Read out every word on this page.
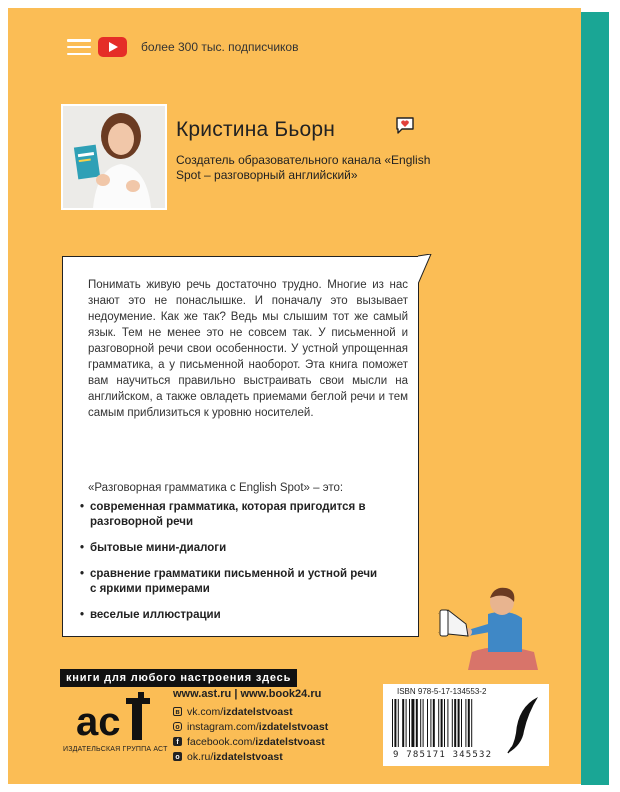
более 300 тыс. подписчиков
Кристина Бьорн
Создатель образовательного канала «English Spot – разговорный английский»
Понимать живую речь достаточно трудно. Многие из нас знают это не понаслышке. И поначалу это вызывает недоумение. Как же так? Ведь мы слышим тот же самый язык. Тем не менее это не совсем так. У письменной и разговорной речи свои особенности. У устной упрощенная грамматика, а у письменной наоборот. Эта книга поможет вам научиться правильно выстраивать свои мысли на английском, а также овладеть приемами беглой речи и тем самым приблизиться к уровню носителей.
«Разговорная грамматика с English Spot» – это:
• современная грамматика, которая пригодится в разговорной речи
• бытовые мини-диалоги
• сравнение грамматики письменной и устной речи с яркими примерами
• веселые иллюстрации
книги для любого настроения здесь
ac
ИЗДАТЕЛЬСКАЯ ГРУППА АСТ
www.ast.ru | www.book24.ru
в vk.com/ izdatelstvoast
o instagram.com/ izdatelstvoast
f facebook.com/ izdatelstvoast
o ok.ru/ izdatelstvoast
ISBN 978-5-17-134553-2
9 785171 345532
